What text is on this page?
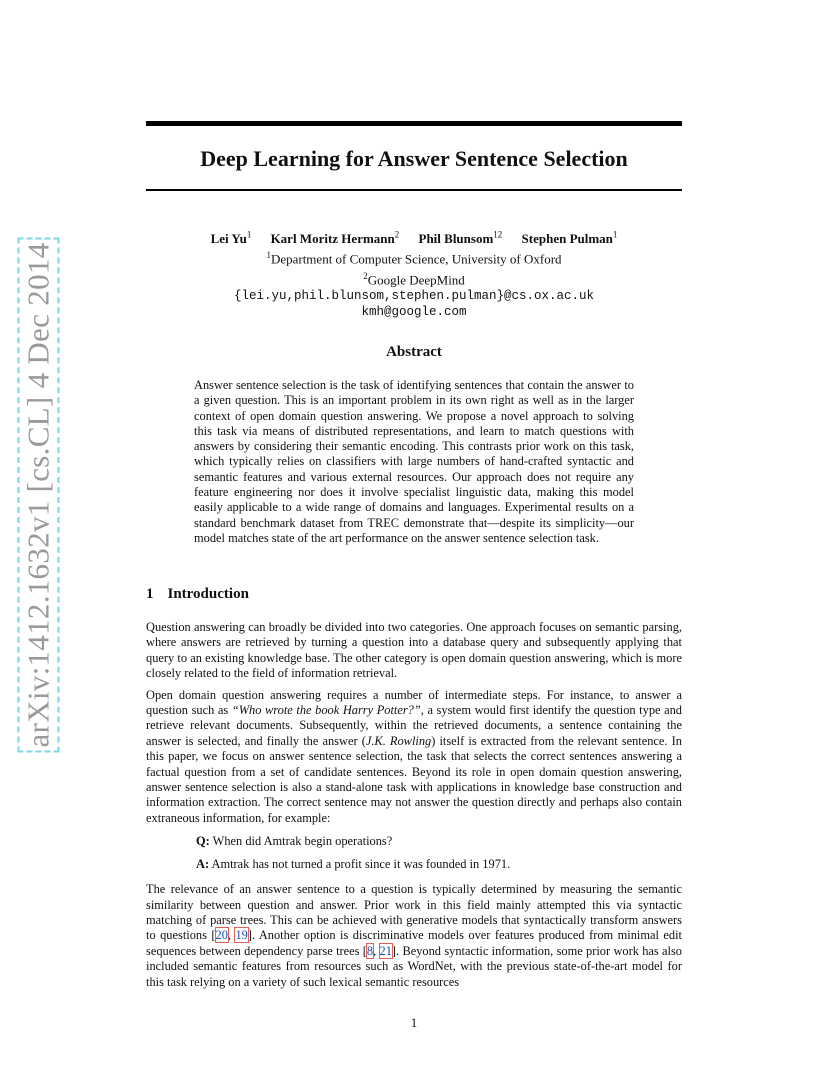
arXiv:1412.1632v1 [cs.CL] 4 Dec 2014
Deep Learning for Answer Sentence Selection
Lei Yu$^1$ Karl Moritz Hermann$^2$ Phil Blunsom$^{12}$ Stephen Pulman$^1$
$^1$Department of Computer Science, University of Oxford
$^2$Google DeepMind
{lei.yu,phil.blunsom,stephen.pulman}@cs.ox.ac.uk
kmh@google.com
Abstract
Answer sentence selection is the task of identifying sentences that contain the answer to a given question. This is an important problem in its own right as well as in the larger context of open domain question answering. We propose a novel approach to solving this task via means of distributed representations, and learn to match questions with answers by considering their semantic encoding. This contrasts prior work on this task, which typically relies on classifiers with large numbers of hand-crafted syntactic and semantic features and various external resources. Our approach does not require any feature engineering nor does it involve specialist linguistic data, making this model easily applicable to a wide range of domains and languages. Experimental results on a standard benchmark dataset from TREC demonstrate that—despite its simplicity—our model matches state of the art performance on the answer sentence selection task.
1 Introduction

Question answering can broadly be divided into two categories. One approach focuses on semantic parsing, where answers are retrieved by turning a question into a database query and subsequently applying that query to an existing knowledge base. The other category is open domain question answering, which is more closely related to the field of information retrieval.

Open domain question answering requires a number of intermediate steps. For instance, to answer a question such as “Who wrote the book Harry Potter?”, a system would first identify the question type and retrieve relevant documents. Subsequently, within the retrieved documents, a sentence containing the answer is selected, and finally the answer (J.K. Rowling) itself is extracted from the relevant sentence. In this paper, we focus on answer sentence selection, the task that selects the correct sentences answering a factual question from a set of candidate sentences. Beyond its role in open domain question answering, answer sentence selection is also a stand-alone task with applications in knowledge base construction and information extraction. The correct sentence may not answer the question directly and perhaps also contain extraneous information, for example:

Q: When did Amtrak begin operations?
A: Amtrak has not turned a profit since it was founded in 1971.

The relevance of an answer sentence to a question is typically determined by measuring the semantic similarity between question and answer. Prior work in this field mainly attempted this via syntactic matching of parse trees. This can be achieved with generative models that syntactically transform answers to questions [20, 19]. Another option is discriminative models over features produced from minimal edit sequences between dependency parse trees [8, 21]. Beyond syntactic information, some prior work has also included semantic features from resources such as WordNet, with the previous state-of-the-art model for this task relying on a variety of such lexical semantic resources

1
